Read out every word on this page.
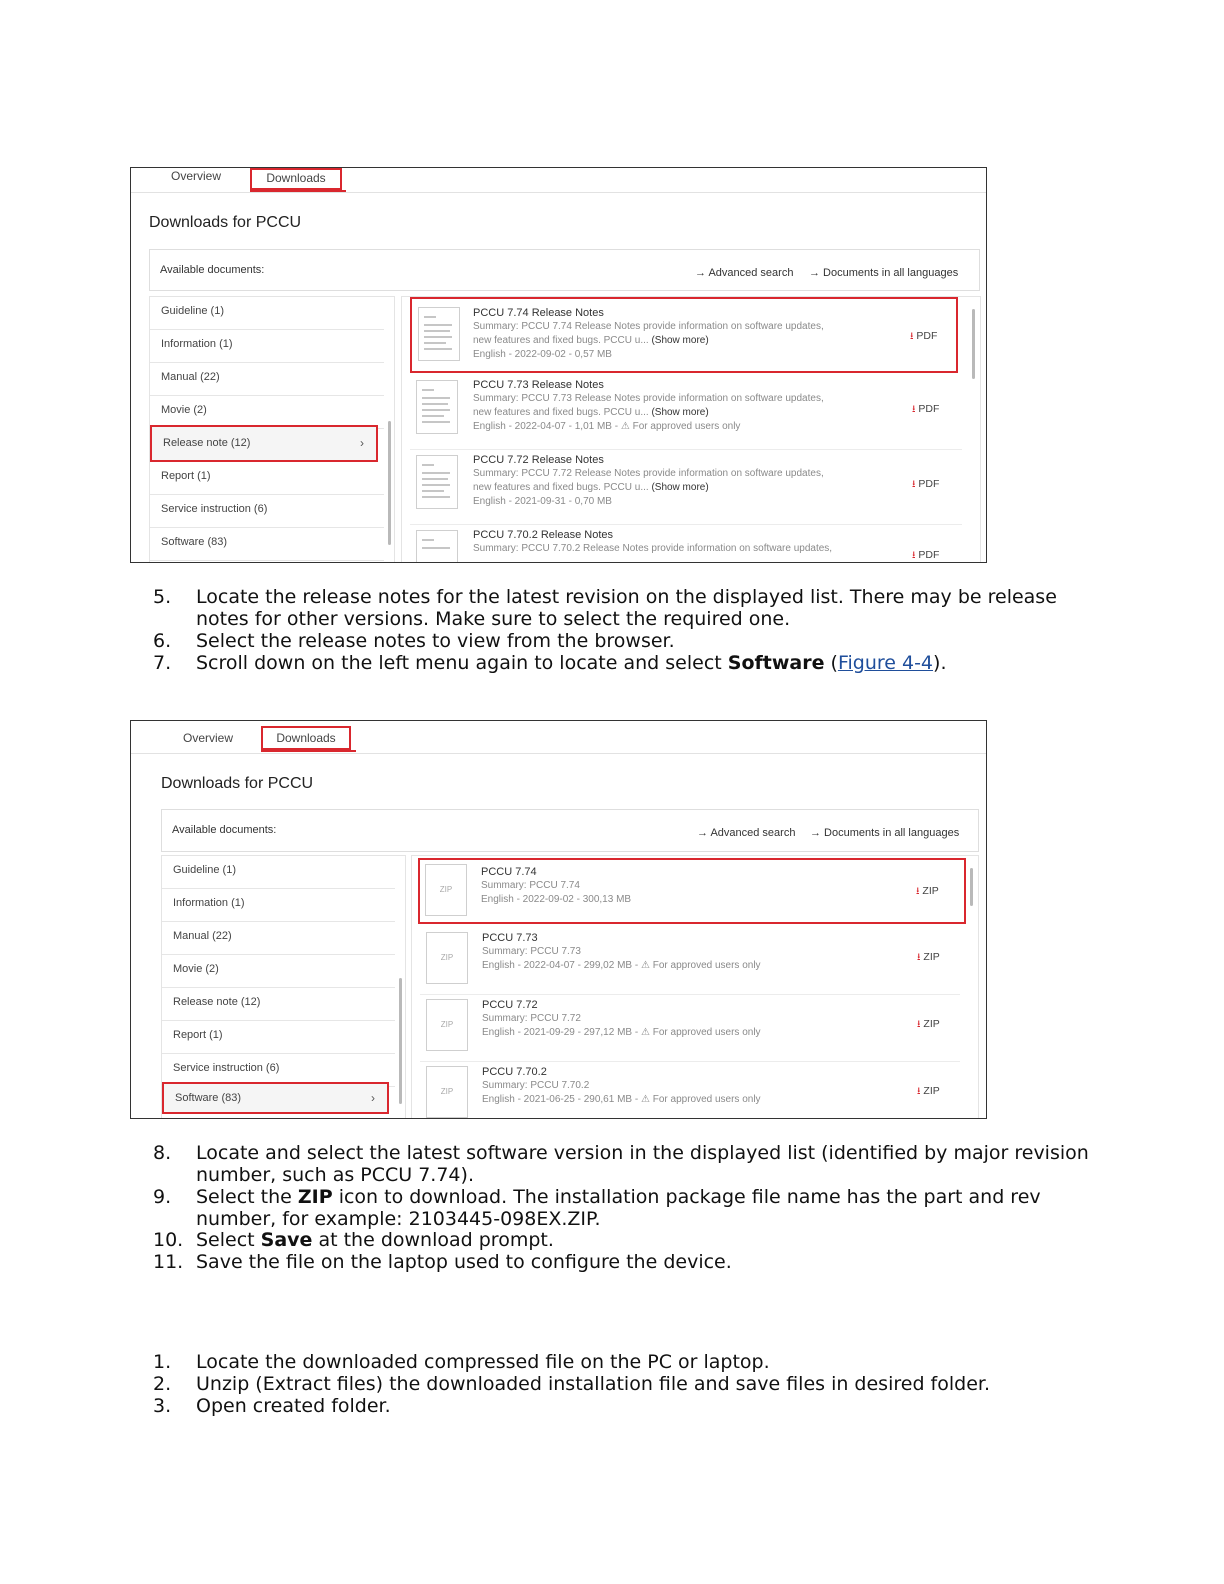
Overview	Downloads
Downloads for PCCU
Available documents:	→ Advanced search → Documents in all languages
Guideline (1)
Information (1)
Manual (22)
Movie (2)
Release note (12)	›
Report (1)
Service instruction (6)
Software (83)
PCCU 7.74 Release Notes
Summary: PCCU 7.74 Release Notes provide information on software updates,
new features and fixed bugs. PCCU u... (Show more)
English - 2022-09-02 - 0,57 MB
⭳ PDF
PCCU 7.73 Release Notes
Summary: PCCU 7.73 Release Notes provide information on software updates,
new features and fixed bugs. PCCU u... (Show more)
English - 2022-04-07 - 1,01 MB - ⚠ For approved users only
⭳ PDF
PCCU 7.72 Release Notes
Summary: PCCU 7.72 Release Notes provide information on software updates,
new features and fixed bugs. PCCU u... (Show more)
English - 2021-09-31 - 0,70 MB
⭳ PDF
PCCU 7.70.2 Release Notes
Summary: PCCU 7.70.2 Release Notes provide information on software updates,
⭳ PDF
5. Locate the release notes for the latest revision on the displayed list. There may be release notes for other versions. Make sure to select the required one.
6. Select the release notes to view from the browser.
7. Scroll down on the left menu again to locate and select Software (Figure 4-4).
Overview	Downloads
Downloads for PCCU
Available documents:	→ Advanced search → Documents in all languages
Guideline (1)
Information (1)
Manual (22)
Movie (2)
Release note (12)
Report (1)
Service instruction (6)
Software (83)	›
ZIP
PCCU 7.74
Summary: PCCU 7.74
English - 2022-09-02 - 300,13 MB
⭳ ZIP
ZIP
PCCU 7.73
Summary: PCCU 7.73
English - 2022-04-07 - 299,02 MB - ⚠ For approved users only
⭳ ZIP
ZIP
PCCU 7.72
Summary: PCCU 7.72
English - 2021-09-29 - 297,12 MB - ⚠ For approved users only
⭳ ZIP
ZIP
PCCU 7.70.2
Summary: PCCU 7.70.2
English - 2021-06-25 - 290,61 MB - ⚠ For approved users only
⭳ ZIP
8. Locate and select the latest software version in the displayed list (identified by major revision number, such as PCCU 7.74).
9. Select the ZIP icon to download. The installation package file name has the part and rev number, for example: 2103445-098EX.ZIP.
10. Select Save at the download prompt.
11. Save the file on the laptop used to configure the device.
1. Locate the downloaded compressed file on the PC or laptop.
2. Unzip (Extract files) the downloaded installation file and save files in desired folder.
3. Open created folder.
